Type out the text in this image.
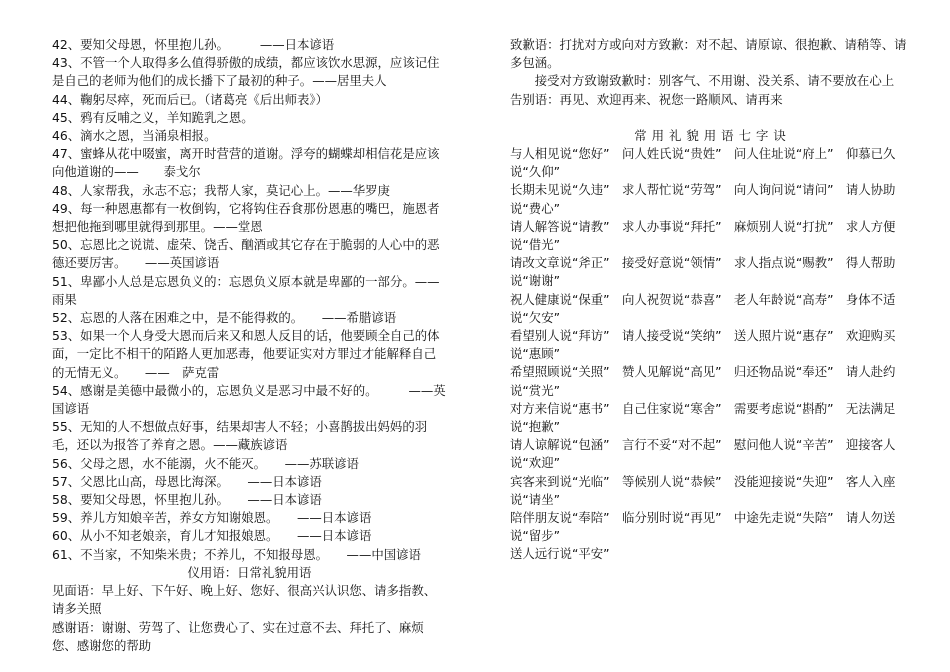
42、要知父母恩，怀里抱儿孙。　　　——日本谚语

43、不管一个人取得多么值得骄傲的成绩，都应该饮水思源，应该记住是自己的老师为他们的成长播下了最初的种子。——居里夫人

44、鞠躬尽瘁，死而后已。（诸葛亮《后出师表》）

45、鸦有反哺之义，羊知跪乳之恩。

46、滴水之恩，当涌泉相报。

47、蜜蜂从花中啜蜜，离开时营营的道谢。浮夸的蝴蝶却相信花是应该向他道谢的——　　泰戈尔

48、人家帮我，永志不忘；我帮人家，莫记心上。——华罗庚

49、每一种恩惠都有一枚倒钩，它将钩住吞食那份恩惠的嘴巴，施恩者想把他拖到哪里就得到那里。——堂恩

50、忘恩比之说谎、虚荣、饶舌、酗酒或其它存在于脆弱的人心中的恶德还要厉害。　　——英国谚语

51、卑鄙小人总是忘恩负义的：忘恩负义原本就是卑鄙的一部分。——雨果

52、忘恩的人落在困难之中，是不能得救的。　　——希腊谚语

53、如果一个人身受大恩而后来又和恩人反目的话，他要顾全自己的体面，一定比不相干的陌路人更加恶毒，他要证实对方罪过才能解释自己的无情无义。　　——　萨克雷

54、感谢是美德中最微小的，忘恩负义是恶习中最不好的。　　　——英国谚语

55、无知的人不想做点好事，结果却害人不轻；小喜鹊拔出妈妈的羽毛，还以为报答了养育之恩。——藏族谚语

56、父母之恩，水不能溺，火不能灭。　　——苏联谚语

57、父恩比山高，母恩比海深。　　——日本谚语

58、要知父母恩，怀里抱儿孙。　　——日本谚语

59、养儿方知娘辛苦，养女方知谢娘恩。　　——日本谚语

60、从小不知老娘亲，育儿才知报娘恩。　　——日本谚语

61、不当家，不知柴米贵；不养儿，不知报母恩。　　——中国谚语

仪用语：日常礼貌用语

见面语：早上好、下午好、晚上好、您好、很高兴认识您、请多指教、请多关照

感谢语：谢谢、劳驾了、让您费心了、实在过意不去、拜托了、麻烦您、感谢您的帮助

致歉语：打扰对方或向对方致歉：对不起、请原谅、很抱歉、请稍等、请多包涵。

　　接受对方致谢致歉时：别客气、不用谢、没关系、请不要放在心上

告别语：再见、欢迎再来、祝您一路顺风、请再来

常用礼貌用语七字诀

与人相见说“您好”　问人姓氏说“贵姓”　问人住址说“府上”　仰慕已久说“久仰”

长期未见说“久违”　求人帮忙说“劳驾”　向人询问说“请问”　请人协助说“费心”

请人解答说“请教”　求人办事说“拜托”　麻烦别人说“打扰”　求人方便说“借光”

请改文章说“斧正”　接受好意说“领情”　求人指点说“赐教”　得人帮助说“谢谢”

祝人健康说“保重”　向人祝贺说“恭喜”　老人年龄说“高寿”　身体不适说“欠安”

看望别人说“拜访”　请人接受说“笑纳”　送人照片说“惠存”　欢迎购买说“惠顾”

希望照顾说“关照”　赞人见解说“高见”　归还物品说“奉还”　请人赴约说“赏光”

对方来信说“惠书”　自己住家说“寒舍”　需要考虑说“斟酌”　无法满足说“抱歉”

请人谅解说“包涵”　言行不妥“对不起”　慰问他人说“辛苦”　迎接客人说“欢迎”

宾客来到说“光临”　等候别人说“恭候”　没能迎接说“失迎”　客人入座说“请坐”

陪伴朋友说“奉陪”　临分别时说“再见”　中途先走说“失陪”　请人勿送说“留步”

送人远行说“平安”
